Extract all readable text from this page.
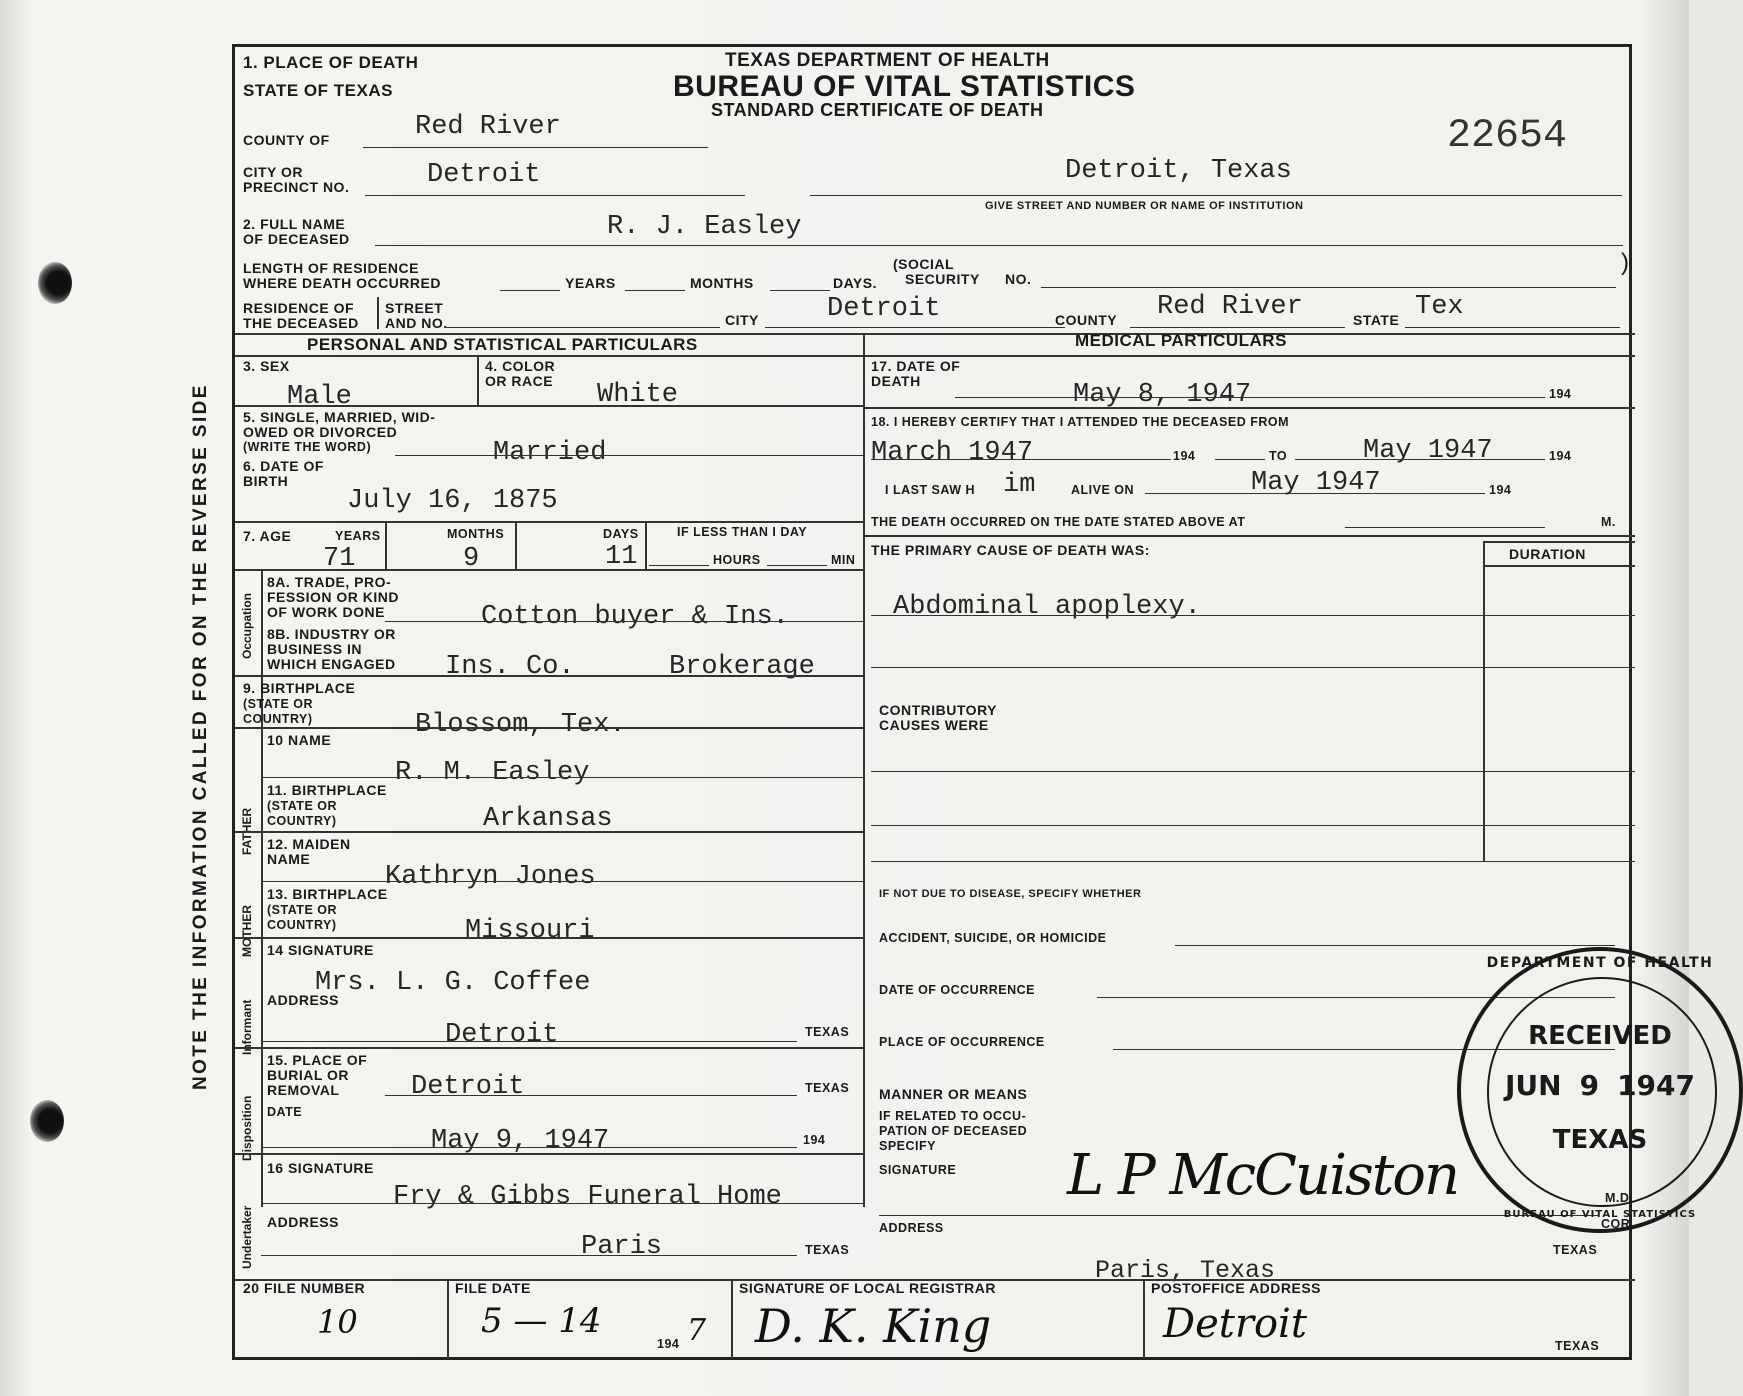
NOTE THE INFORMATION CALLED FOR ON THE REVERSE SIDE
1. PLACE OF DEATH
STATE OF TEXAS
TEXAS DEPARTMENT OF HEALTH
BUREAU OF VITAL STATISTICS
STANDARD CERTIFICATE OF DEATH
22654
COUNTY OF	Red River
CITY OR
PRECINCT NO.	Detroit	Detroit, Texas
GIVE STREET AND NUMBER OR NAME OF INSTITUTION
2. FULL NAME
OF DECEASED	R. J. Easley
LENGTH OF RESIDENCE
WHERE DEATH OCCURRED	YEARS	MONTHS	DAYS.
(SOCIAL
SECURITY NO.
)
RESIDENCE OF
THE DECEASED
STREET
AND NO.	CITY	Detroit	COUNTY Red River	STATE Tex
PERSONAL AND STATISTICAL PARTICULARS	MEDICAL PARTICULARS
3. SEX
Male
4. COLOR
OR RACE White
5. SINGLE, MARRIED, WID-
OWED OR DIVORCED
(WRITE THE WORD)	Married
6. DATE OF
BIRTH
July 16, 1875
7. AGE	YEARS	MONTHS	DAYS	IF LESS THAN I DAY
71	9	11	HOURS	MIN
Occupation
FATHER
MOTHER
Informant
Disposition
Undertaker
8A. TRADE, PRO-
FESSION OR KIND
OF WORK DONE	Cotton buyer & Ins.
8B. INDUSTRY OR
BUSINESS IN
WHICH ENGAGED Ins. Co.	Brokerage
9. BIRTHPLACE
(STATE OR
COUNTRY)	Blossom, Tex.
10 NAME
R. M. Easley
11. BIRTHPLACE
(STATE OR
COUNTRY)	Arkansas
12. MAIDEN
NAME
Kathryn Jones
13. BIRTHPLACE
(STATE OR
COUNTRY)	Missouri
14 SIGNATURE
Mrs. L. G. Coffee
ADDRESS
Detroit	TEXAS
15. PLACE OF
BURIAL OR
REMOVAL	Detroit	TEXAS
DATE
May 9, 1947	194
16 SIGNATURE
Fry & Gibbs Funeral Home
ADDRESS
Paris	TEXAS
17. DATE OF
DEATH	May 8, 1947	194
18. I HEREBY CERTIFY THAT I ATTENDED THE DECEASED FROM
March 1947	194	TO	May 1947	194
I LAST SAW H im	ALIVE ON	May 1947	194
THE DEATH OCCURRED ON THE DATE STATED ABOVE AT	M.
THE PRIMARY CAUSE OF DEATH WAS:	DURATION
Abdominal apoplexy.
CONTRIBUTORY
CAUSES WERE
IF NOT DUE TO DISEASE, SPECIFY WHETHER
ACCIDENT, SUICIDE, OR HOMICIDE
DATE OF OCCURRENCE
PLACE OF OCCURRENCE
MANNER OR MEANS
IF RELATED TO OCCU-
PATION OF DECEASED
SPECIFY
SIGNATURE L P McCuiston	M.D
COR
ADDRESS
Paris, Texas
TEXAS
DEPARTMENT OF HEALTH
RECEIVED
JUN 9 1947
TEXAS
BUREAU OF VITAL STATISTICS
20 FILE NUMBER
10
FILE DATE
5 — 14
194 7
SIGNATURE OF LOCAL REGISTRAR
D. K. King
POSTOFFICE ADDRESS
Detroit	TEXAS
